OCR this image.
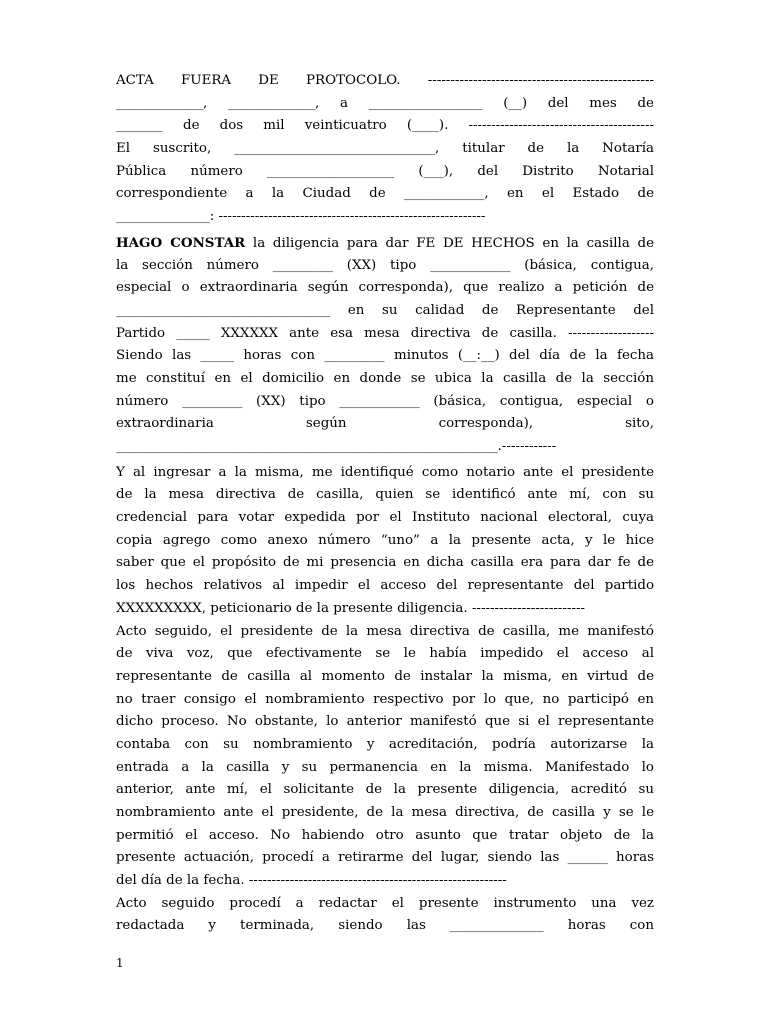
ACTA FUERA DE PROTOCOLO. --------------------------------------------------
_____________, _____________, a _________________ (__) del mes de
_______ de dos mil veinticuatro (____). -----------------------------------------
El suscrito, ______________________________, titular de la Notaría
Pública número ___________________ (___), del Distrito Notarial
correspondiente a la Ciudad de ____________, en el Estado de
______________: -----------------------------------------------------------
HAGO CONSTAR la diligencia para dar FE DE HECHOS en la casilla de
la sección número _________ (XX) tipo ____________ (básica, contigua,
especial o extraordinaria según corresponda), que realizo a petición de
________________________________ en su calidad de Representante del
Partido _____ XXXXXX ante esa mesa directiva de casilla. -------------------
Siendo las _____ horas con _________ minutos (__:__) del día de la fecha
me constituí en el domicilio en donde se ubica la casilla de la sección
número _________ (XX) tipo ____________ (básica, contigua, especial o
extraordinaria según corresponda), sito,
_________________________________________________________.------------
Y al ingresar a la misma, me identifiqué como notario ante el presidente
de la mesa directiva de casilla, quien se identificó ante mí, con su
credencial para votar expedida por el Instituto nacional electoral, cuya
copia agrego como anexo número “uno” a la presente acta, y le hice
saber que el propósito de mi presencia en dicha casilla era para dar fe de
los hechos relativos al impedir el acceso del representante del partido
XXXXXXXXX, peticionario de la presente diligencia. -------------------------
Acto seguido, el presidente de la mesa directiva de casilla, me manifestó
de viva voz, que efectivamente se le había impedido el acceso al
representante de casilla al momento de instalar la misma, en virtud de
no traer consigo el nombramiento respectivo por lo que, no participó en
dicho proceso. No obstante, lo anterior manifestó que si el representante
contaba con su nombramiento y acreditación, podría autorizarse la
entrada a la casilla y su permanencia en la misma. Manifestado lo
anterior, ante mí, el solicitante de la presente diligencia, acreditó su
nombramiento ante el presidente, de la mesa directiva, de casilla y se le
permitió el acceso. No habiendo otro asunto que tratar objeto de la
presente actuación, procedí a retirarme del lugar, siendo las ______ horas
del día de la fecha. ---------------------------------------------------------
Acto seguido procedí a redactar el presente instrumento una vez
redactada y terminada, siendo las ______________ horas con
1
